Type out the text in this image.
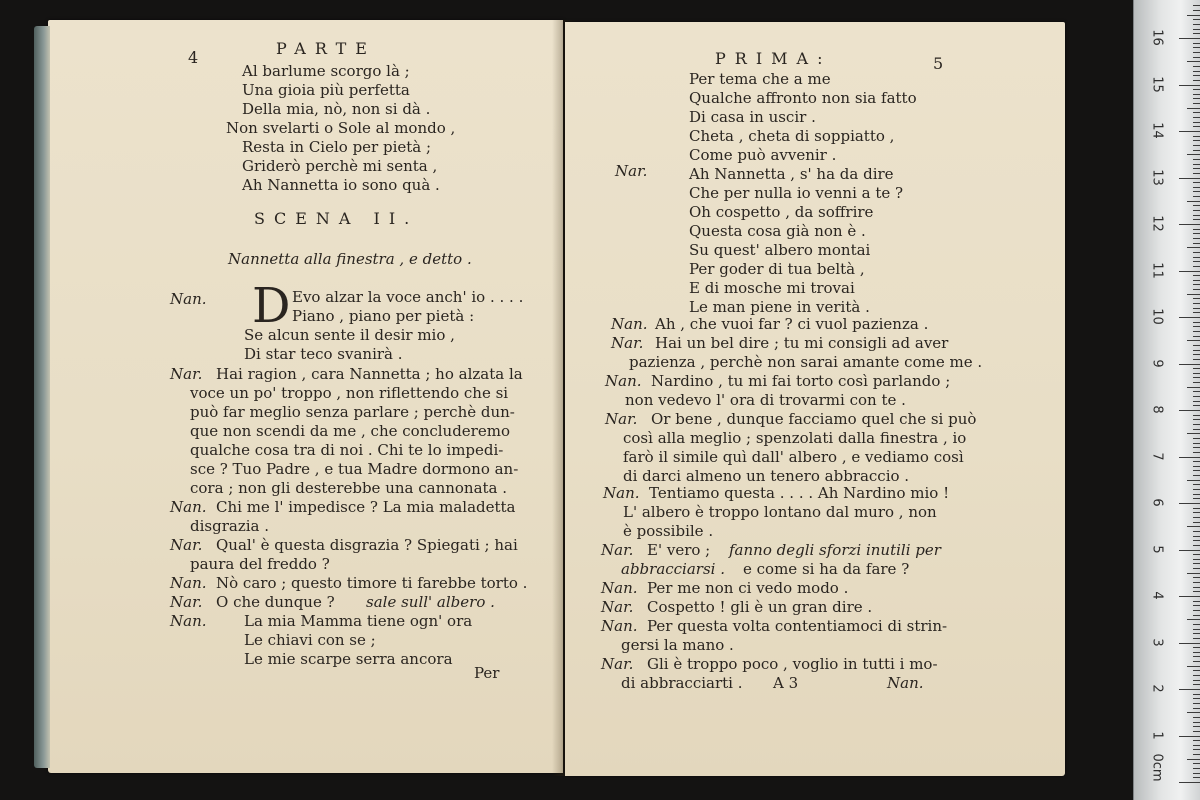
4	PARTE
Al barlume scorgo là ;
Una gioia più perfetta
Della mia, nò, non si dà .
Non svelarti o Sole al mondo ,
Resta in Cielo per pietà ;
Griderò perchè mi senta ,
Ah Nannetta io sono quà .
SCENA II.
Nannetta alla finestra , e detto .
Nan. D Evo alzar la voce anch' io . . . .
Piano , piano per pietà :
Se alcun sente il desir mio ,
Di star teco svanirà .
Nar. Hai ragion , cara Nannetta ; ho alzata la
voce un po' troppo , non riflettendo che si
può far meglio senza parlare ; perchè dun-
que non scendi da me , che concluderemo
qualche cosa tra di noi . Chi te lo impedi-
sce ? Tuo Padre , e tua Madre dormono an-
cora ; non gli desterebbe una cannonata .
Nan. Chi me l' impedisce ? La mia maladetta
disgrazia .
Nar. Qual' è questa disgrazia ? Spiegati ; hai
paura del freddo ?
Nan. Nò caro ; questo timore ti farebbe torto .
Nar. O che dunque ? sale sull' albero .
Nan.	La mia Mamma tiene ogn' ora
Le chiavi con se ;
Le mie scarpe serra ancora
Per
PRIMA:	5
Per tema che a me
Qualche affronto non sia fatto
Di casa in uscir .
Cheta , cheta di soppiatto ,
Come può avvenir .
Nar.	Ah Nannetta , s' ha da dire
Che per nulla io venni a te ?
Oh cospetto , da soffrire
Questa cosa già non è .
Su quest' albero montai
Per goder di tua beltà ,
E di mosche mi trovai
Le man piene in verità .
Nan. Ah , che vuoi far ? ci vuol pazienza .
Nar. Hai un bel dire ; tu mi consigli ad aver
pazienza , perchè non sarai amante come me .
Nan. Nardino , tu mi fai torto così parlando ;
non vedevo l' ora di trovarmi con te .
Nar. Or bene , dunque facciamo quel che si può
così alla meglio ; spenzolati dalla finestra , io
farò il simile quì dall' albero , e vediamo così
di darci almeno un tenero abbraccio .
Nan. Tentiamo questa . . . . Ah Nardino mio !
L' albero è troppo lontano dal muro , non
è possibile .
Nar. E' vero ; fanno degli sforzi inutili per
abbracciarsi . e come si ha da fare ?
Nan. Per me non ci vedo modo .
Nar. Cospetto ! gli è un gran dire .
Nan. Per questa volta contentiamoci di strin-
gersi la mano .
Nar. Gli è troppo poco , voglio in tutti i mo-
di abbracciarti . A 3	Nan.
0cm
1
2
3
4
5
6
7
8
9
10
11
12
13
14
15
16
